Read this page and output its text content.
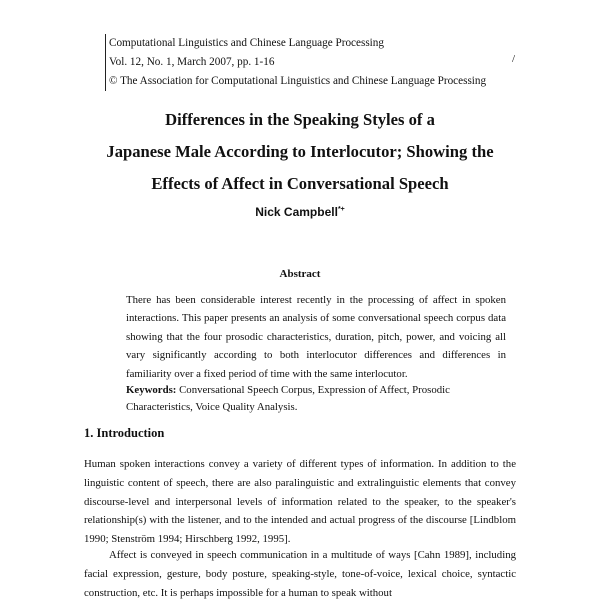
Computational Linguistics and Chinese Language Processing
Vol. 12, No. 1, March 2007, pp. 1-16
© The Association for Computational Linguistics and Chinese Language Processing
/
Differences in the Speaking Styles of a
Japanese Male According to Interlocutor; Showing the
Effects of Affect in Conversational Speech
Nick Campbell*+
Abstract
There has been considerable interest recently in the processing of affect in spoken interactions. This paper presents an analysis of some conversational speech corpus data showing that the four prosodic characteristics, duration, pitch, power, and voicing all vary significantly according to both interlocutor differences and differences in familiarity over a fixed period of time with the same interlocutor.
Keywords: Conversational Speech Corpus, Expression of Affect, Prosodic Characteristics, Voice Quality Analysis.
1. Introduction
Human spoken interactions convey a variety of different types of information. In addition to the linguistic content of speech, there are also paralinguistic and extralinguistic elements that convey discourse-level and interpersonal levels of information related to the speaker, to the speaker's relationship(s) with the listener, and to the intended and actual progress of the discourse [Lindblom 1990; Stenström 1994; Hirschberg 1992, 1995].
Affect is conveyed in speech communication in a multitude of ways [Cahn 1989], including facial expression, gesture, body posture, speaking-style, tone-of-voice, lexical choice, syntactic construction, etc. It is perhaps impossible for a human to speak without
